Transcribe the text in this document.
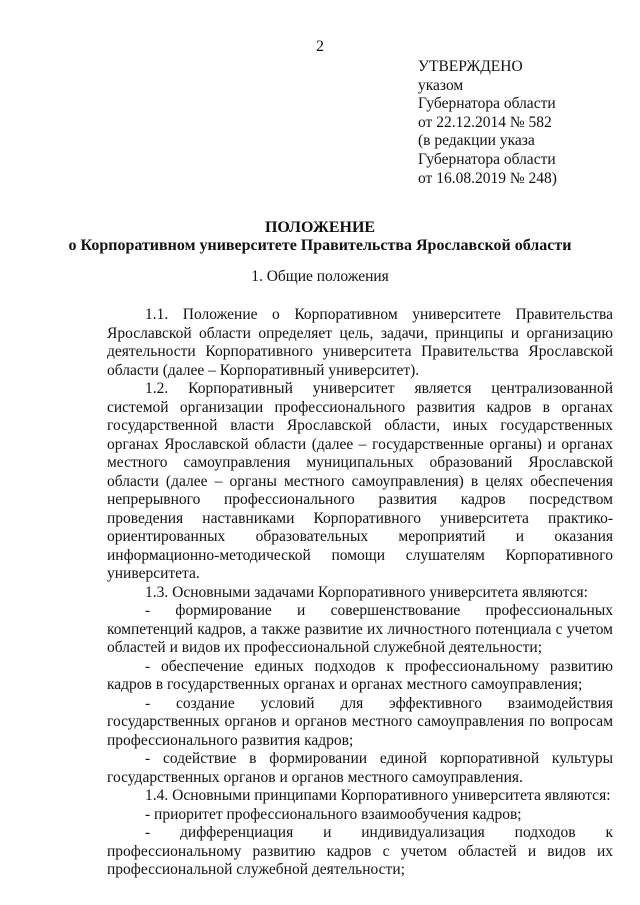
2
УТВЕРЖДЕНО
указом
Губернатора области
от 22.12.2014 № 582
(в редакции указа
Губернатора области
от 16.08.2019 № 248)
ПОЛОЖЕНИЕ
о Корпоративном университете Правительства Ярославской области
1. Общие положения

1.1. Положение о Корпоративном университете Правительства Ярославской области определяет цель, задачи, принципы и организацию деятельности Корпоративного университета Правительства Ярославской области (далее – Корпоративный университет).

1.2. Корпоративный университет является централизованной системой организации профессионального развития кадров в органах государственной власти Ярославской области, иных государственных органах Ярославской области (далее – государственные органы) и органах местного самоуправления муниципальных образований Ярославской области (далее – органы местного самоуправления) в целях обеспечения непрерывного профессионального развития кадров посредством проведения наставниками Корпоративного университета практико-ориентированных образовательных мероприятий и оказания информационно-методической помощи слушателям Корпоративного университета.

1.3. Основными задачами Корпоративного университета являются:

- формирование и совершенствование профессиональных компетенций кадров, а также развитие их личностного потенциала с учетом областей и видов их профессиональной служебной деятельности;

- обеспечение единых подходов к профессиональному развитию кадров в государственных органах и органах местного самоуправления;

- создание условий для эффективного взаимодействия государственных органов и органов местного самоуправления по вопросам профессионального развития кадров;

- содействие в формировании единой корпоративной культуры государственных органов и органов местного самоуправления.

1.4. Основными принципами Корпоративного университета являются:

- приоритет профессионального взаимообучения кадров;

- дифференциация и индивидуализация подходов к профессиональному развитию кадров с учетом областей и видов их профессиональной служебной деятельности;
